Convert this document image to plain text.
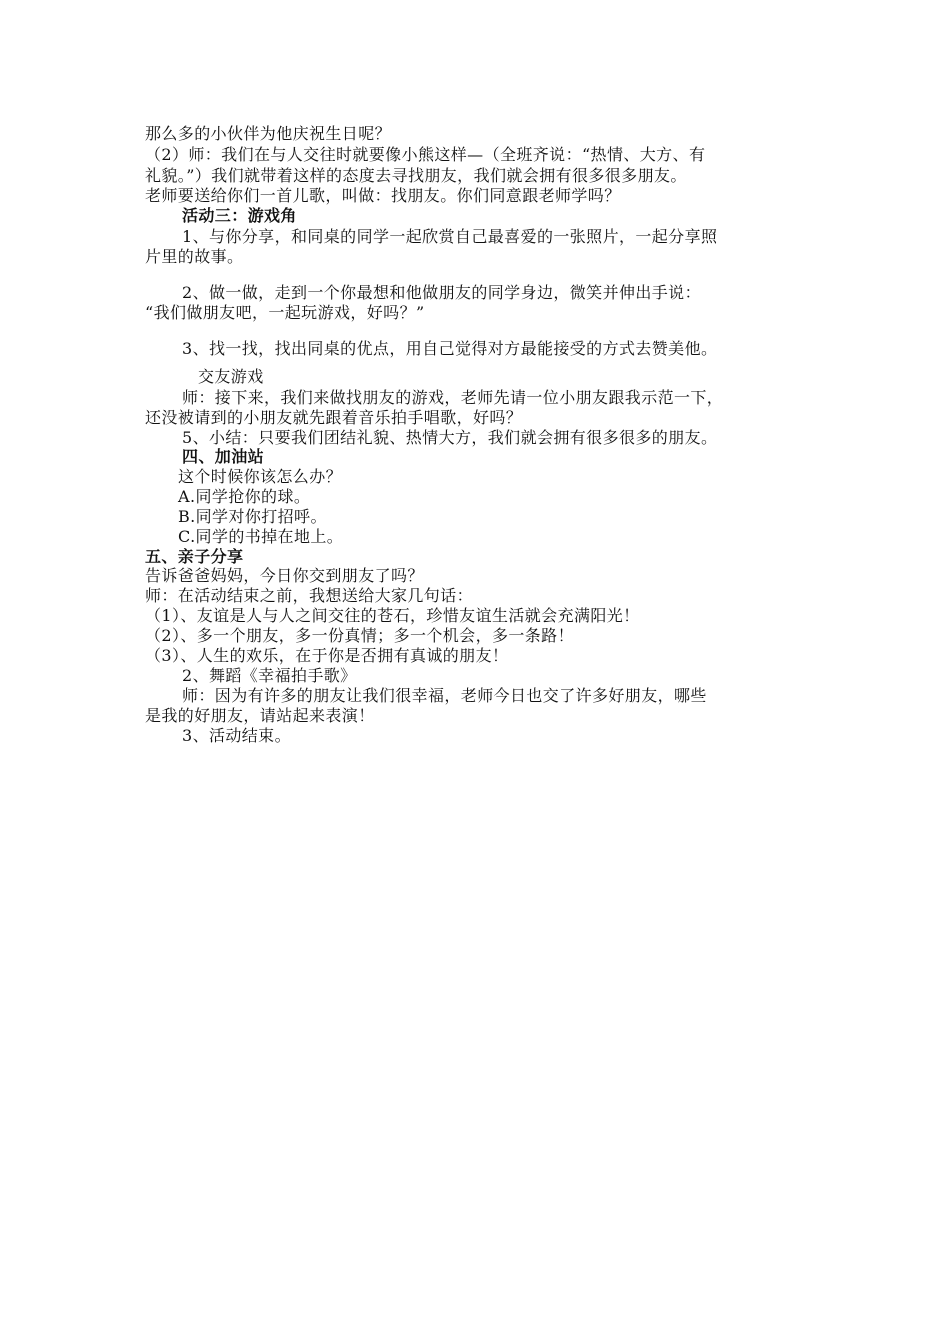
那么多的小伙伴为他庆祝生日呢？
（2）师：我们在与人交往时就要像小熊这样—（全班齐说：“热情、大方、有
礼貌。”）我们就带着这样的态度去寻找朋友，我们就会拥有很多很多朋友。
老师要送给你们一首儿歌，叫做：找朋友。你们同意跟老师学吗？
活动三：游戏角
1、与你分享，和同桌的同学一起欣赏自己最喜爱的一张照片，一起分享照
片里的故事。
2、做一做，走到一个你最想和他做朋友的同学身边，微笑并伸出手说：
“我们做朋友吧，一起玩游戏，好吗？”
3、找一找，找出同桌的优点，用自己觉得对方最能接受的方式去赞美他。
交友游戏
师：接下来，我们来做找朋友的游戏，老师先请一位小朋友跟我示范一下，
还没被请到的小朋友就先跟着音乐拍手唱歌，好吗？
5、小结：只要我们团结礼貌、热情大方，我们就会拥有很多很多的朋友。
四、加油站
这个时候你该怎么办？
A.同学抢你的球。
B.同学对你打招呼。
C.同学的书掉在地上。
五、亲子分享
告诉爸爸妈妈，今日你交到朋友了吗？
师：在活动结束之前，我想送给大家几句话：
（1）、友谊是人与人之间交往的苍石，珍惜友谊生活就会充满阳光！
（2）、多一个朋友，多一份真情；多一个机会，多一条路！
（3）、人生的欢乐，在于你是否拥有真诚的朋友！
2、舞蹈《幸福拍手歌》
师：因为有许多的朋友让我们很幸福，老师今日也交了许多好朋友，哪些
是我的好朋友，请站起来表演！
3、活动结束。
